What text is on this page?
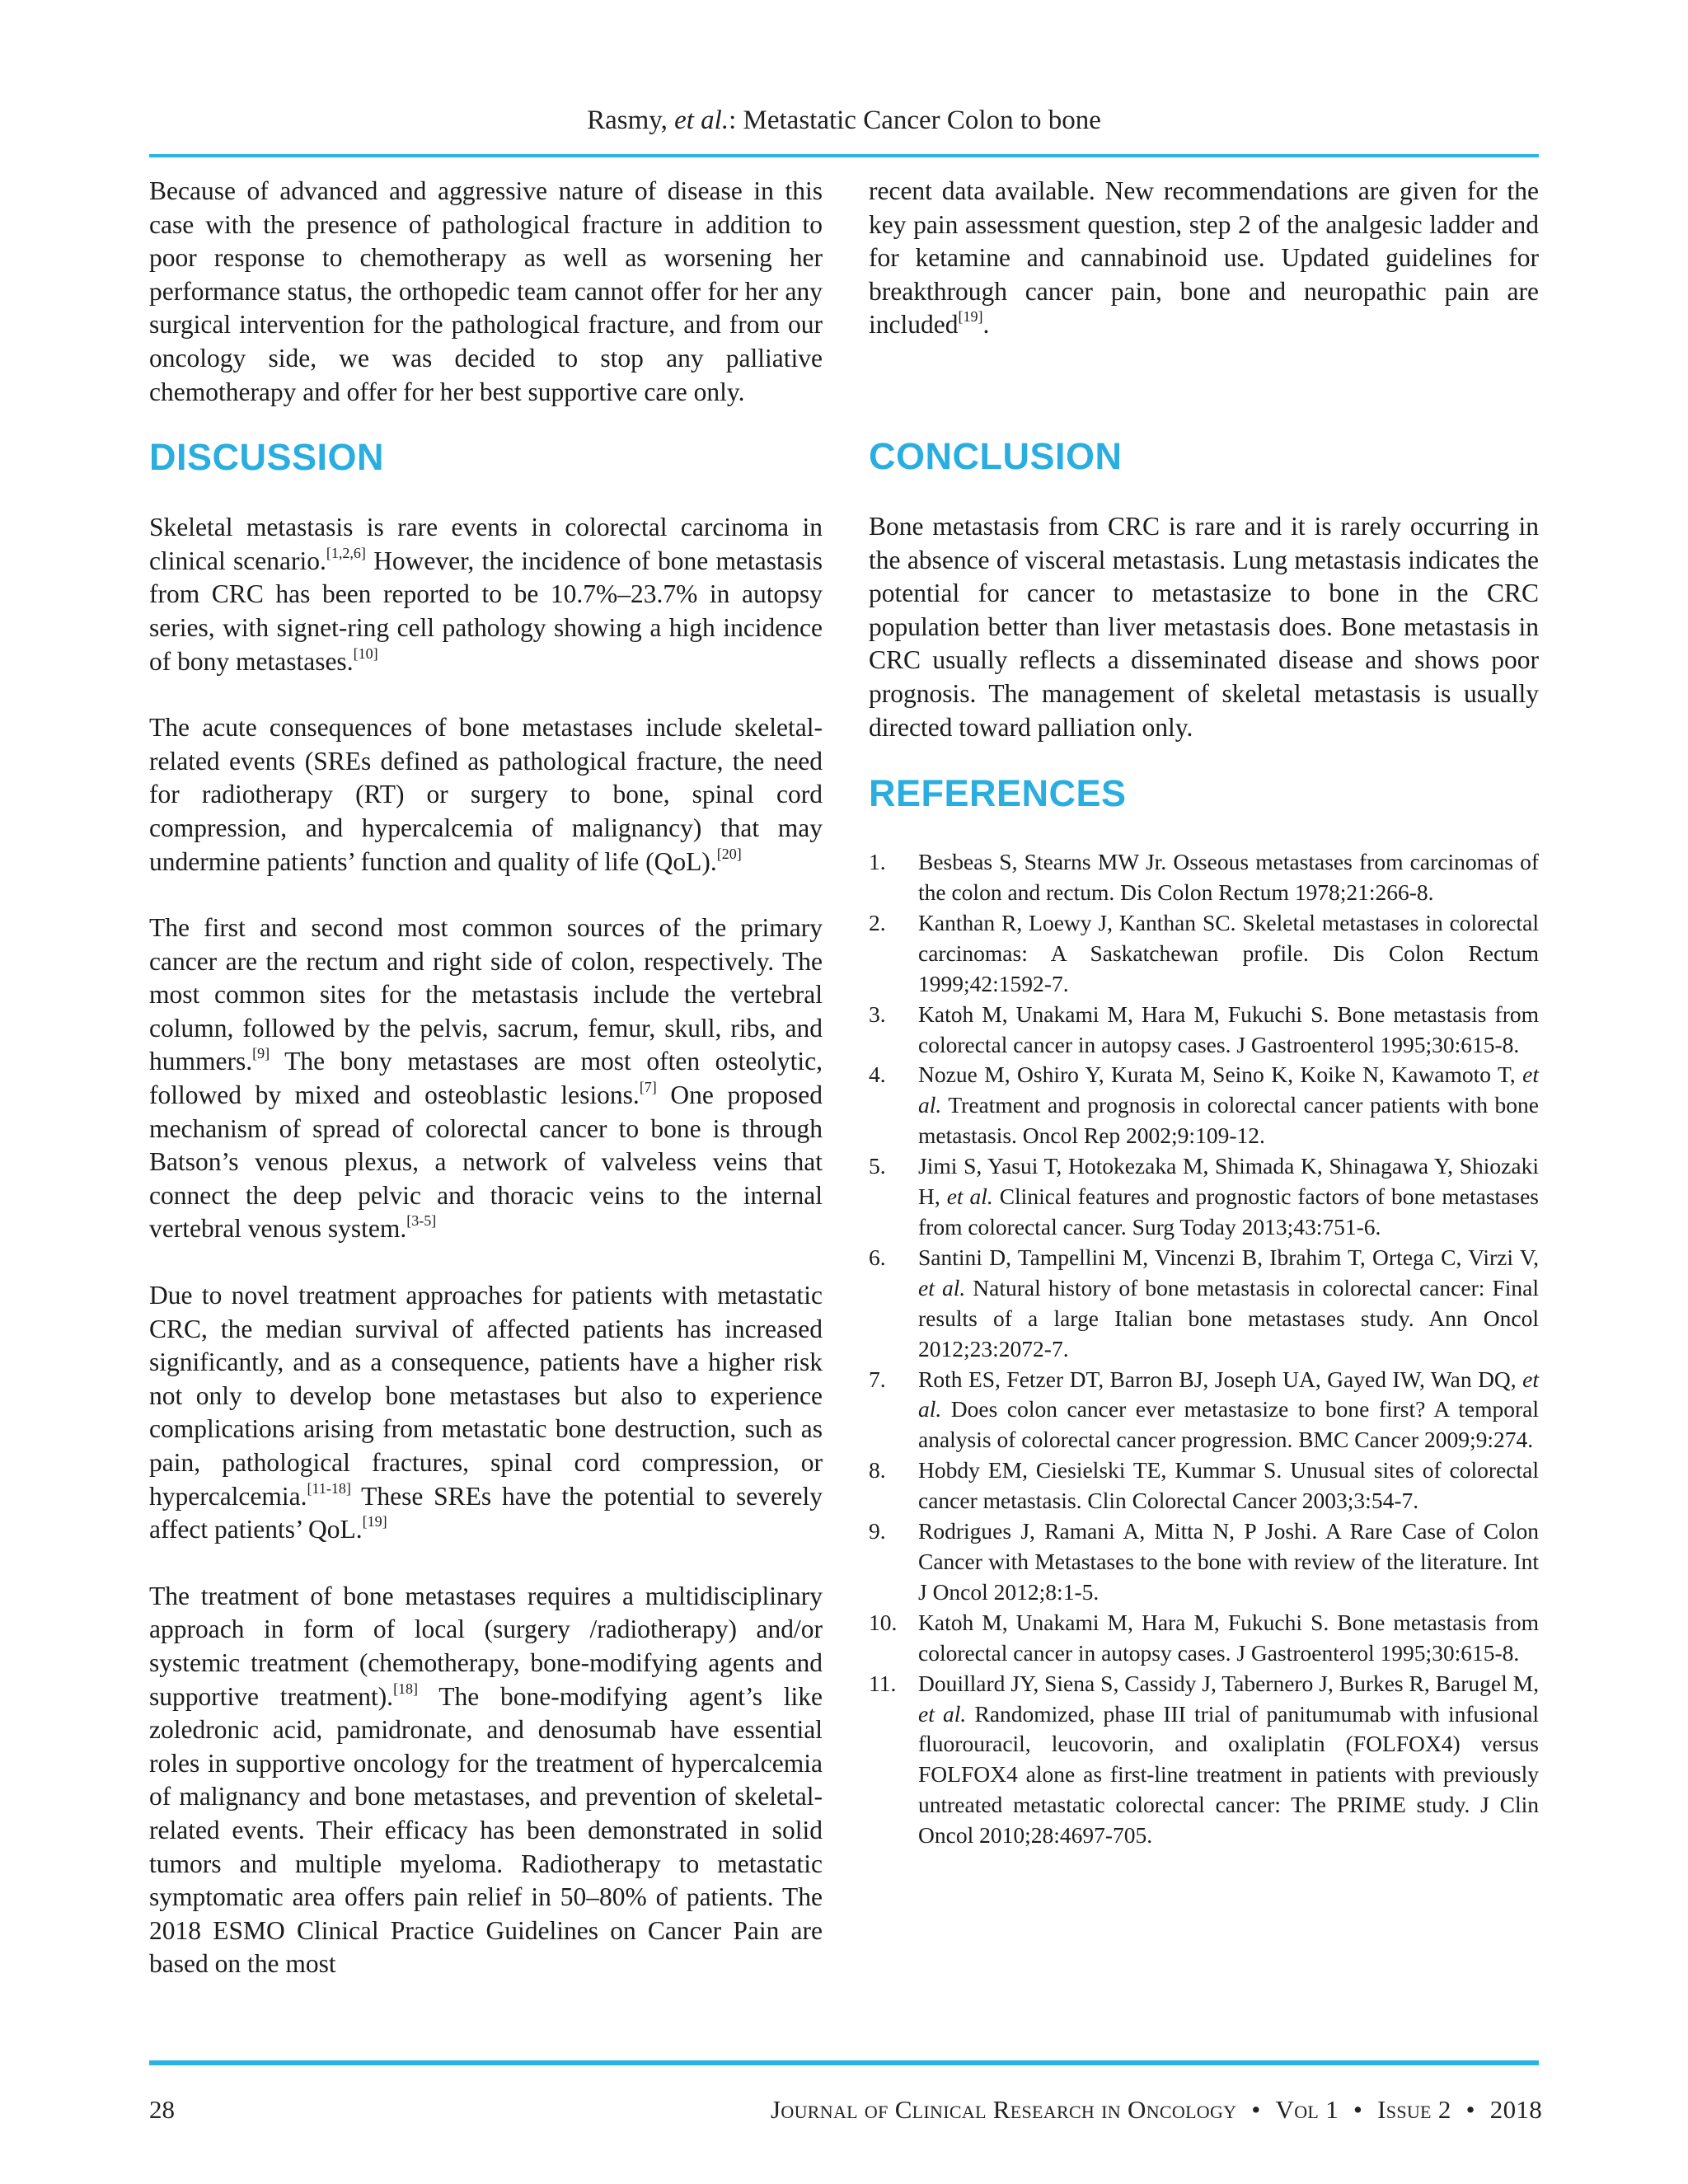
Rasmy, et al.: Metastatic Cancer Colon to bone

Because of advanced and aggressive nature of disease in this case with the presence of pathological fracture in addition to poor response to chemotherapy as well as worsening her performance status, the orthopedic team cannot offer for her any surgical intervention for the pathological fracture, and from our oncology side, we was decided to stop any palliative chemotherapy and offer for her best supportive care only.

DISCUSSION

Skeletal metastasis is rare events in colorectal carcinoma in clinical scenario.[1,2,6] However, the incidence of bone metastasis from CRC has been reported to be 10.7%–23.7% in autopsy series, with signet-ring cell pathology showing a high incidence of bony metastases.[10]

The acute consequences of bone metastases include skeletal-related events (SREs defined as pathological fracture, the need for radiotherapy (RT) or surgery to bone, spinal cord compression, and hypercalcemia of malignancy) that may undermine patients’ function and quality of life (QoL).[20]

The first and second most common sources of the primary cancer are the rectum and right side of colon, respectively. The most common sites for the metastasis include the vertebral column, followed by the pelvis, sacrum, femur, skull, ribs, and hummers.[9] The bony metastases are most often osteolytic, followed by mixed and osteoblastic lesions.[7] One proposed mechanism of spread of colorectal cancer to bone is through Batson’s venous plexus, a network of valveless veins that connect the deep pelvic and thoracic veins to the internal vertebral venous system.[3-5]

Due to novel treatment approaches for patients with metastatic CRC, the median survival of affected patients has increased significantly, and as a consequence, patients have a higher risk not only to develop bone metastases but also to experience complications arising from metastatic bone destruction, such as pain, pathological fractures, spinal cord compression, or hypercalcemia.[11-18] These SREs have the potential to severely affect patients’ QoL.[19]

The treatment of bone metastases requires a multidisciplinary approach in form of local (surgery /radiotherapy) and/or systemic treatment (chemotherapy, bone-modifying agents and supportive treatment).[18] The bone-modifying agent’s like zoledronic acid, pamidronate, and denosumab have essential roles in supportive oncology for the treatment of hypercalcemia of malignancy and bone metastases, and prevention of skeletal-related events. Their efficacy has been demonstrated in solid tumors and multiple myeloma. Radiotherapy to metastatic symptomatic area offers pain relief in 50–80% of patients. The 2018 ESMO Clinical Practice Guidelines on Cancer Pain are based on the most

recent data available. New recommendations are given for the key pain assessment question, step 2 of the analgesic ladder and for ketamine and cannabinoid use. Updated guidelines for breakthrough cancer pain, bone and neuropathic pain are included[19].

CONCLUSION

Bone metastasis from CRC is rare and it is rarely occurring in the absence of visceral metastasis. Lung metastasis indicates the potential for cancer to metastasize to bone in the CRC population better than liver metastasis does. Bone metastasis in CRC usually reflects a disseminated disease and shows poor prognosis. The management of skeletal metastasis is usually directed toward palliation only.

REFERENCES
1. Besbeas S, Stearns MW Jr. Osseous metastases from carcinomas of the colon and rectum. Dis Colon Rectum 1978;21:266-8.
2. Kanthan R, Loewy J, Kanthan SC. Skeletal metastases in colorectal carcinomas: A Saskatchewan profile. Dis Colon Rectum 1999;42:1592-7.
3. Katoh M, Unakami M, Hara M, Fukuchi S. Bone metastasis from colorectal cancer in autopsy cases. J Gastroenterol 1995;30:615-8.
4. Nozue M, Oshiro Y, Kurata M, Seino K, Koike N, Kawamoto T, et al. Treatment and prognosis in colorectal cancer patients with bone metastasis. Oncol Rep 2002;9:109-12.
5. Jimi S, Yasui T, Hotokezaka M, Shimada K, Shinagawa Y, Shiozaki H, et al. Clinical features and prognostic factors of bone metastases from colorectal cancer. Surg Today 2013;43:751-6.
6. Santini D, Tampellini M, Vincenzi B, Ibrahim T, Ortega C, Virzi V, et al. Natural history of bone metastasis in colorectal cancer: Final results of a large Italian bone metastases study. Ann Oncol 2012;23:2072-7.
7. Roth ES, Fetzer DT, Barron BJ, Joseph UA, Gayed IW, Wan DQ, et al. Does colon cancer ever metastasize to bone first? A temporal analysis of colorectal cancer progression. BMC Cancer 2009;9:274.
8. Hobdy EM, Ciesielski TE, Kummar S. Unusual sites of colorectal cancer metastasis. Clin Colorectal Cancer 2003;3:54-7.
9. Rodrigues J, Ramani A, Mitta N, P Joshi. A Rare Case of Colon Cancer with Metastases to the bone with review of the literature. Int J Oncol 2012;8:1-5.
10. Katoh M, Unakami M, Hara M, Fukuchi S. Bone metastasis from colorectal cancer in autopsy cases. J Gastroenterol 1995;30:615-8.
11. Douillard JY, Siena S, Cassidy J, Tabernero J, Burkes R, Barugel M, et al. Randomized, phase III trial of panitumumab with infusional fluorouracil, leucovorin, and oxaliplatin (FOLFOX4) versus FOLFOX4 alone as first-line treatment in patients with previously untreated metastatic colorectal cancer: The PRIME study. J Clin Oncol 2010;28:4697-705.
28	Journal of Clinical Research in Oncology • Vol 1 • Issue 2 • 2018
